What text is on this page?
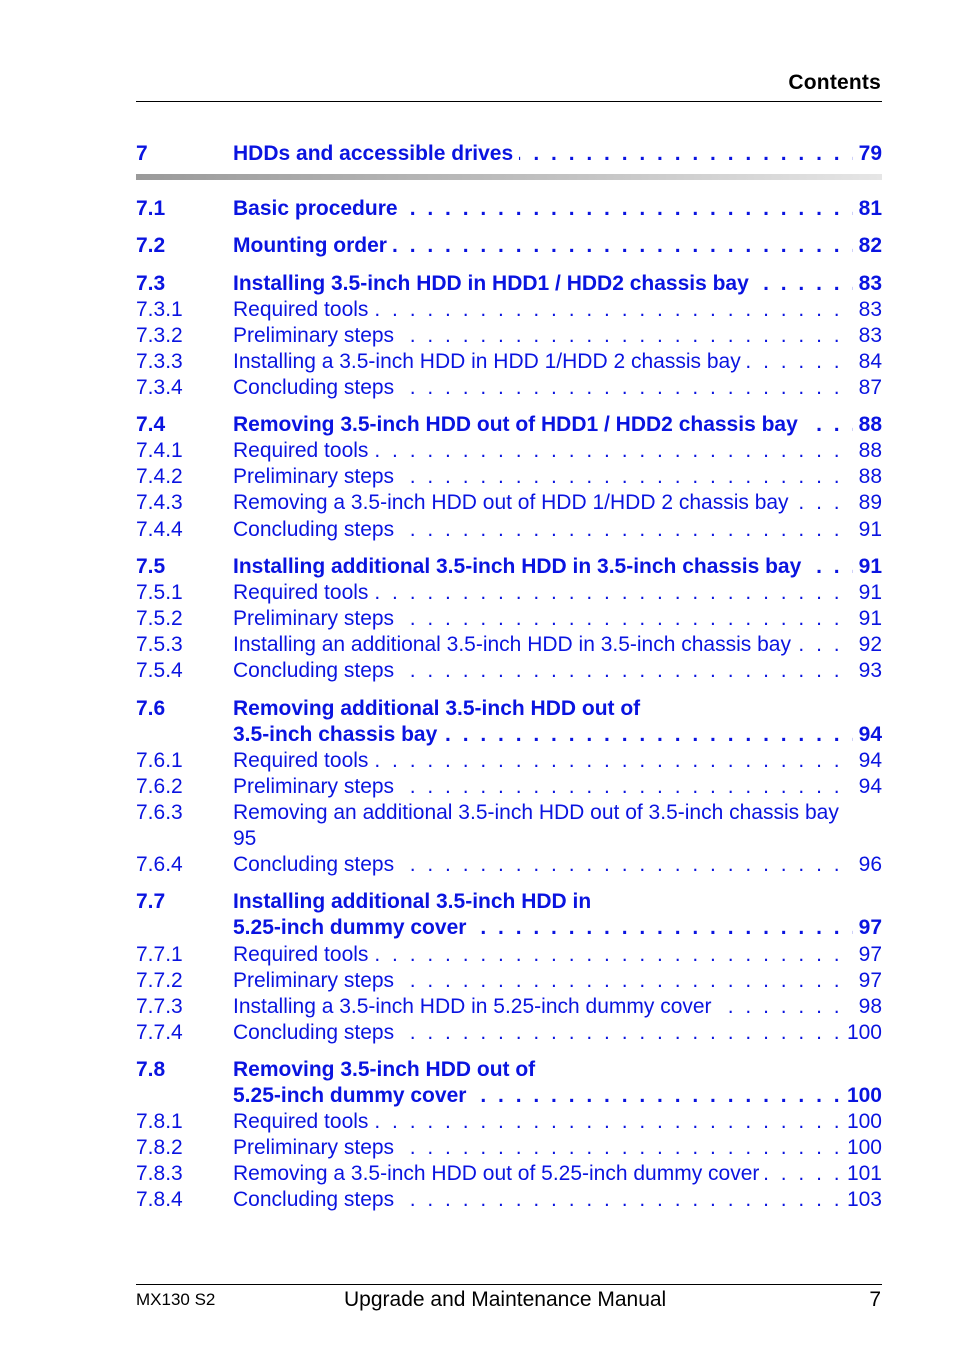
Contents
7	HDDs and accessible drives . . .	79
7.1	Basic procedure . . .	81
7.2	Mounting order . . .	82
7.3	Installing 3.5-inch HDD in HDD1 / HDD2 chassis bay . . .	83
7.3.1 Required tools . . .	83
7.3.2 Preliminary steps . . .	83
7.3.3 Installing a 3.5-inch HDD in HDD 1/HDD 2 chassis bay . . .	84
7.3.4 Concluding steps . . .	87
7.4	Removing 3.5-inch HDD out of HDD1 / HDD2 chassis bay . . .	88
7.4.1 Required tools . . .	88
7.4.2 Preliminary steps . . .	88
7.4.3 Removing a 3.5-inch HDD out of HDD 1/HDD 2 chassis bay . . .	89
7.4.4 Concluding steps . . .	91
7.5	Installing additional 3.5-inch HDD in 3.5-inch chassis bay . . .	91
7.5.1 Required tools . . .	91
7.5.2 Preliminary steps . . .	91
7.5.3 Installing an additional 3.5-inch HDD in 3.5-inch chassis bay . . .	92
7.5.4 Concluding steps . . .	93
7.6	Removing additional 3.5-inch HDD out of
3.5-inch chassis bay . . .	94
7.6.1 Required tools . . .	94
7.6.2 Preliminary steps . . .	94
7.6.3 Removing an additional 3.5-inch HDD out of 3.5-inch chassis bay
95
7.6.4 Concluding steps . . .	96
7.7	Installing additional 3.5-inch HDD in
5.25-inch dummy cover . . .	97
7.7.1 Required tools . . .	97
7.7.2 Preliminary steps . . .	97
7.7.3 Installing a 3.5-inch HDD in 5.25-inch dummy cover . . .	98
7.7.4 Concluding steps . . .	100
7.8	Removing 3.5-inch HDD out of
5.25-inch dummy cover . . .	100
7.8.1 Required tools . . .	100
7.8.2 Preliminary steps . . .	100
7.8.3 Removing a 3.5-inch HDD out of 5.25-inch dummy cover . . .	101
7.8.4 Concluding steps . . .	103
MX130 S2	Upgrade and Maintenance Manual	7
